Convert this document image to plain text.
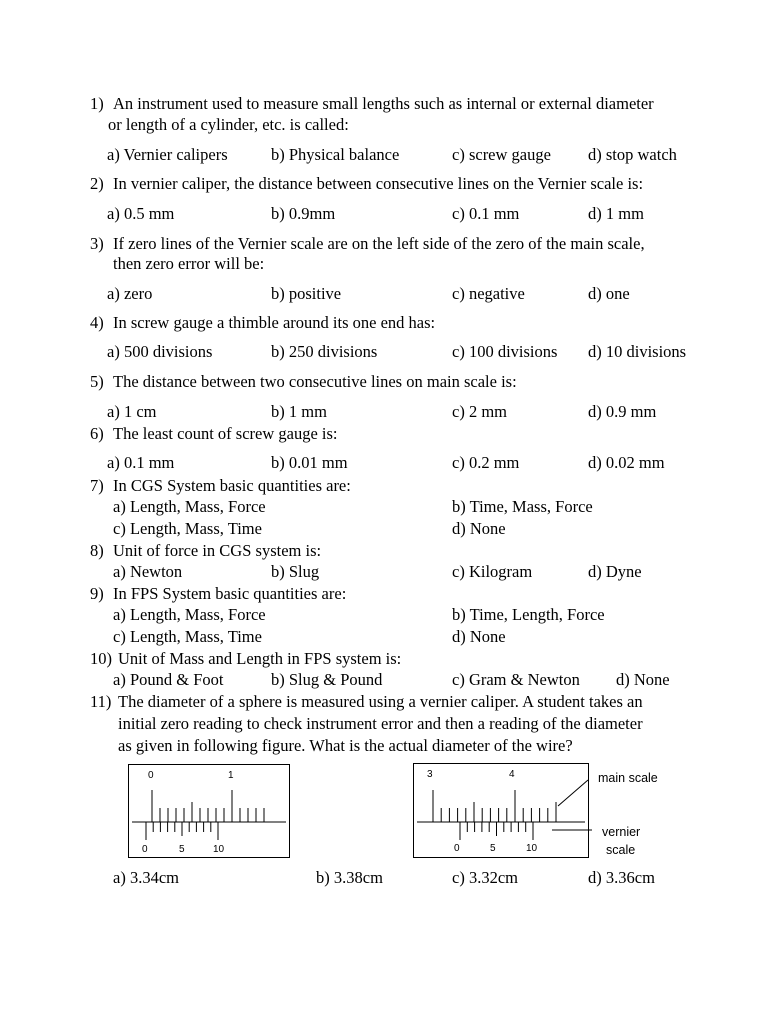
1) An instrument used to measure small lengths such as internal or external diameter
or length of a cylinder, etc. is called:
a) Vernier calipers	b) Physical balance	c) screw gauge d) stop watch
2) In vernier caliper, the distance between consecutive lines on the Vernier scale is:
a) 0.5 mm	b) 0.9mm	c) 0.1 mm	d) 1 mm
3) If zero lines of the Vernier scale are on the left side of the zero of the main scale,
then zero error will be:
a) zero	b) positive	c) negative	d) one
4) In screw gauge a thimble around its one end has:
a) 500 divisions	b) 250 divisions	c) 100 divisions d) 10 divisions
5) The distance between two consecutive lines on main scale is:
a) 1 cm	b) 1 mm	c) 2 mm	d) 0.9 mm
6) The least count of screw gauge is:
a) 0.1 mm	b) 0.01 mm	c) 0.2 mm	d) 0.02 mm
7) In CGS System basic quantities are:
a) Length, Mass, Force	b) Time, Mass, Force
c) Length, Mass, Time	d) None
8) Unit of force in CGS system is:
a) Newton	b) Slug	c) Kilogram	d) Dyne
9) In FPS System basic quantities are:
a) Length, Mass, Force	b) Time, Length, Force
c) Length, Mass, Time	d) None
10) Unit of Mass and Length in FPS system is:
a) Pound & Foot	b) Slug & Pound	c) Gram & Newton d) None
11) The diameter of a sphere is measured using a vernier caliper. A student takes an
initial zero reading to check instrument error and then a reading of the diameter
as given in following figure. What is the actual diameter of the wire?
0	1
0	5	10
3	4
0	5	10
main scale
vernier
scale
a) 3.34cm	b) 3.38cm	c) 3.32cm	d) 3.36cm
